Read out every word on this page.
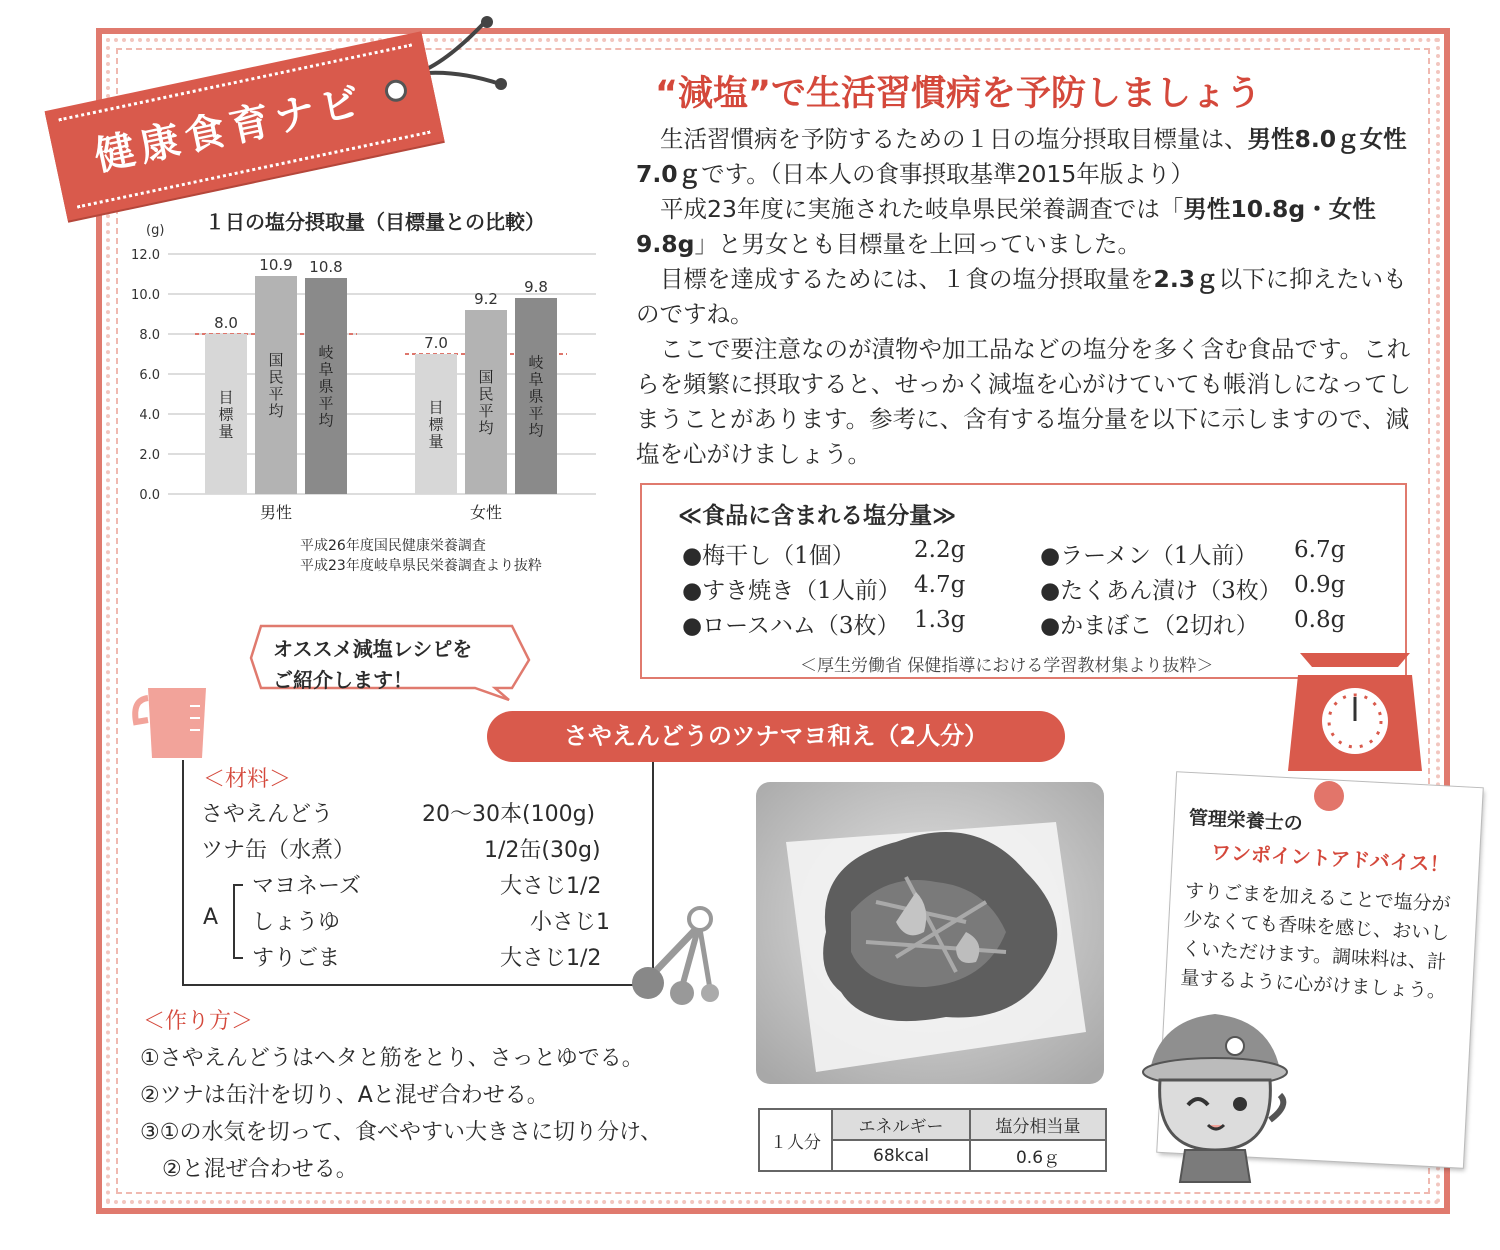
健康食育ナビ	“減塩”で生活習慣病を予防しましょう

生活習慣病を予防するための１日の塩分摂取目標量は、男性8.0ｇ女性7.0ｇです。（日本人の食事摂取基準2015年版より）

平成23年度に実施された岐阜県民栄養調査では「男性10.8g・女性9.8g」と男女とも目標量を上回っていました。

目標を達成するためには、１食の塩分摂取量を2.3ｇ以下に抑えたいものですね。

ここで要注意なのが漬物や加工品などの塩分を多く含む食品です。これらを頻繁に摂取すると、せっかく減塩を心がけていても帳消しになってしまうことがあります。参考に、含有する塩分量を以下に示しますので、減塩を心がけましょう。

≪食品に含まれる塩分量≫
●梅干し（1個）	2.2g
●すき焼き（1人前） 4.7g
●ロースハム（3枚） 1.3g
●ラーメン（1人前） 6.7g
●たくあん漬け（3枚） 0.9g
●かまぼこ（2切れ） 0.8g
＜厚生労働省 保健指導における学習教材集より抜粋＞
１日の塩分摂取量（目標量との比較）
(g)
0.0
2.0
4.0
6.0
8.0
10.0
12.0
8.0
目
標
量
10.9
国
民
平
均
10.8
岐
阜
県
平
均
男性
7.0
目
標
量
9.2
国
民
平
均
9.8
岐
阜
県
平
均
女性
平成26年度国民健康栄養調査
平成23年度岐阜県民栄養調査より抜粋
オススメ減塩レシピを
ご紹介します！
さやえんどうのツナマヨ和え（2人分）
＜材料＞
さやえんどう	20〜30本(100g)
ツナ缶（水煮）	1/2缶(30g)
A
マヨネーズ	大さじ1/2
しょうゆ	小さじ1
すりごま	大さじ1/2
＜作り方＞
①さやえんどうはヘタと筋をとり、さっとゆでる。
②ツナは缶汁を切り、Aと混ぜ合わせる。
③①の水気を切って、食べやすい大きさに切り分け、
　②と混ぜ合わせる。
１人分	エネルギー	塩分相当量
	68kcal	0.6ｇ
管理栄養士の
ワンポイントアドバイス！
すりごまを加えることで塩分が少なくても香味を感じ、おいしくいただけます。調味料は、計量するように心がけましょう。
